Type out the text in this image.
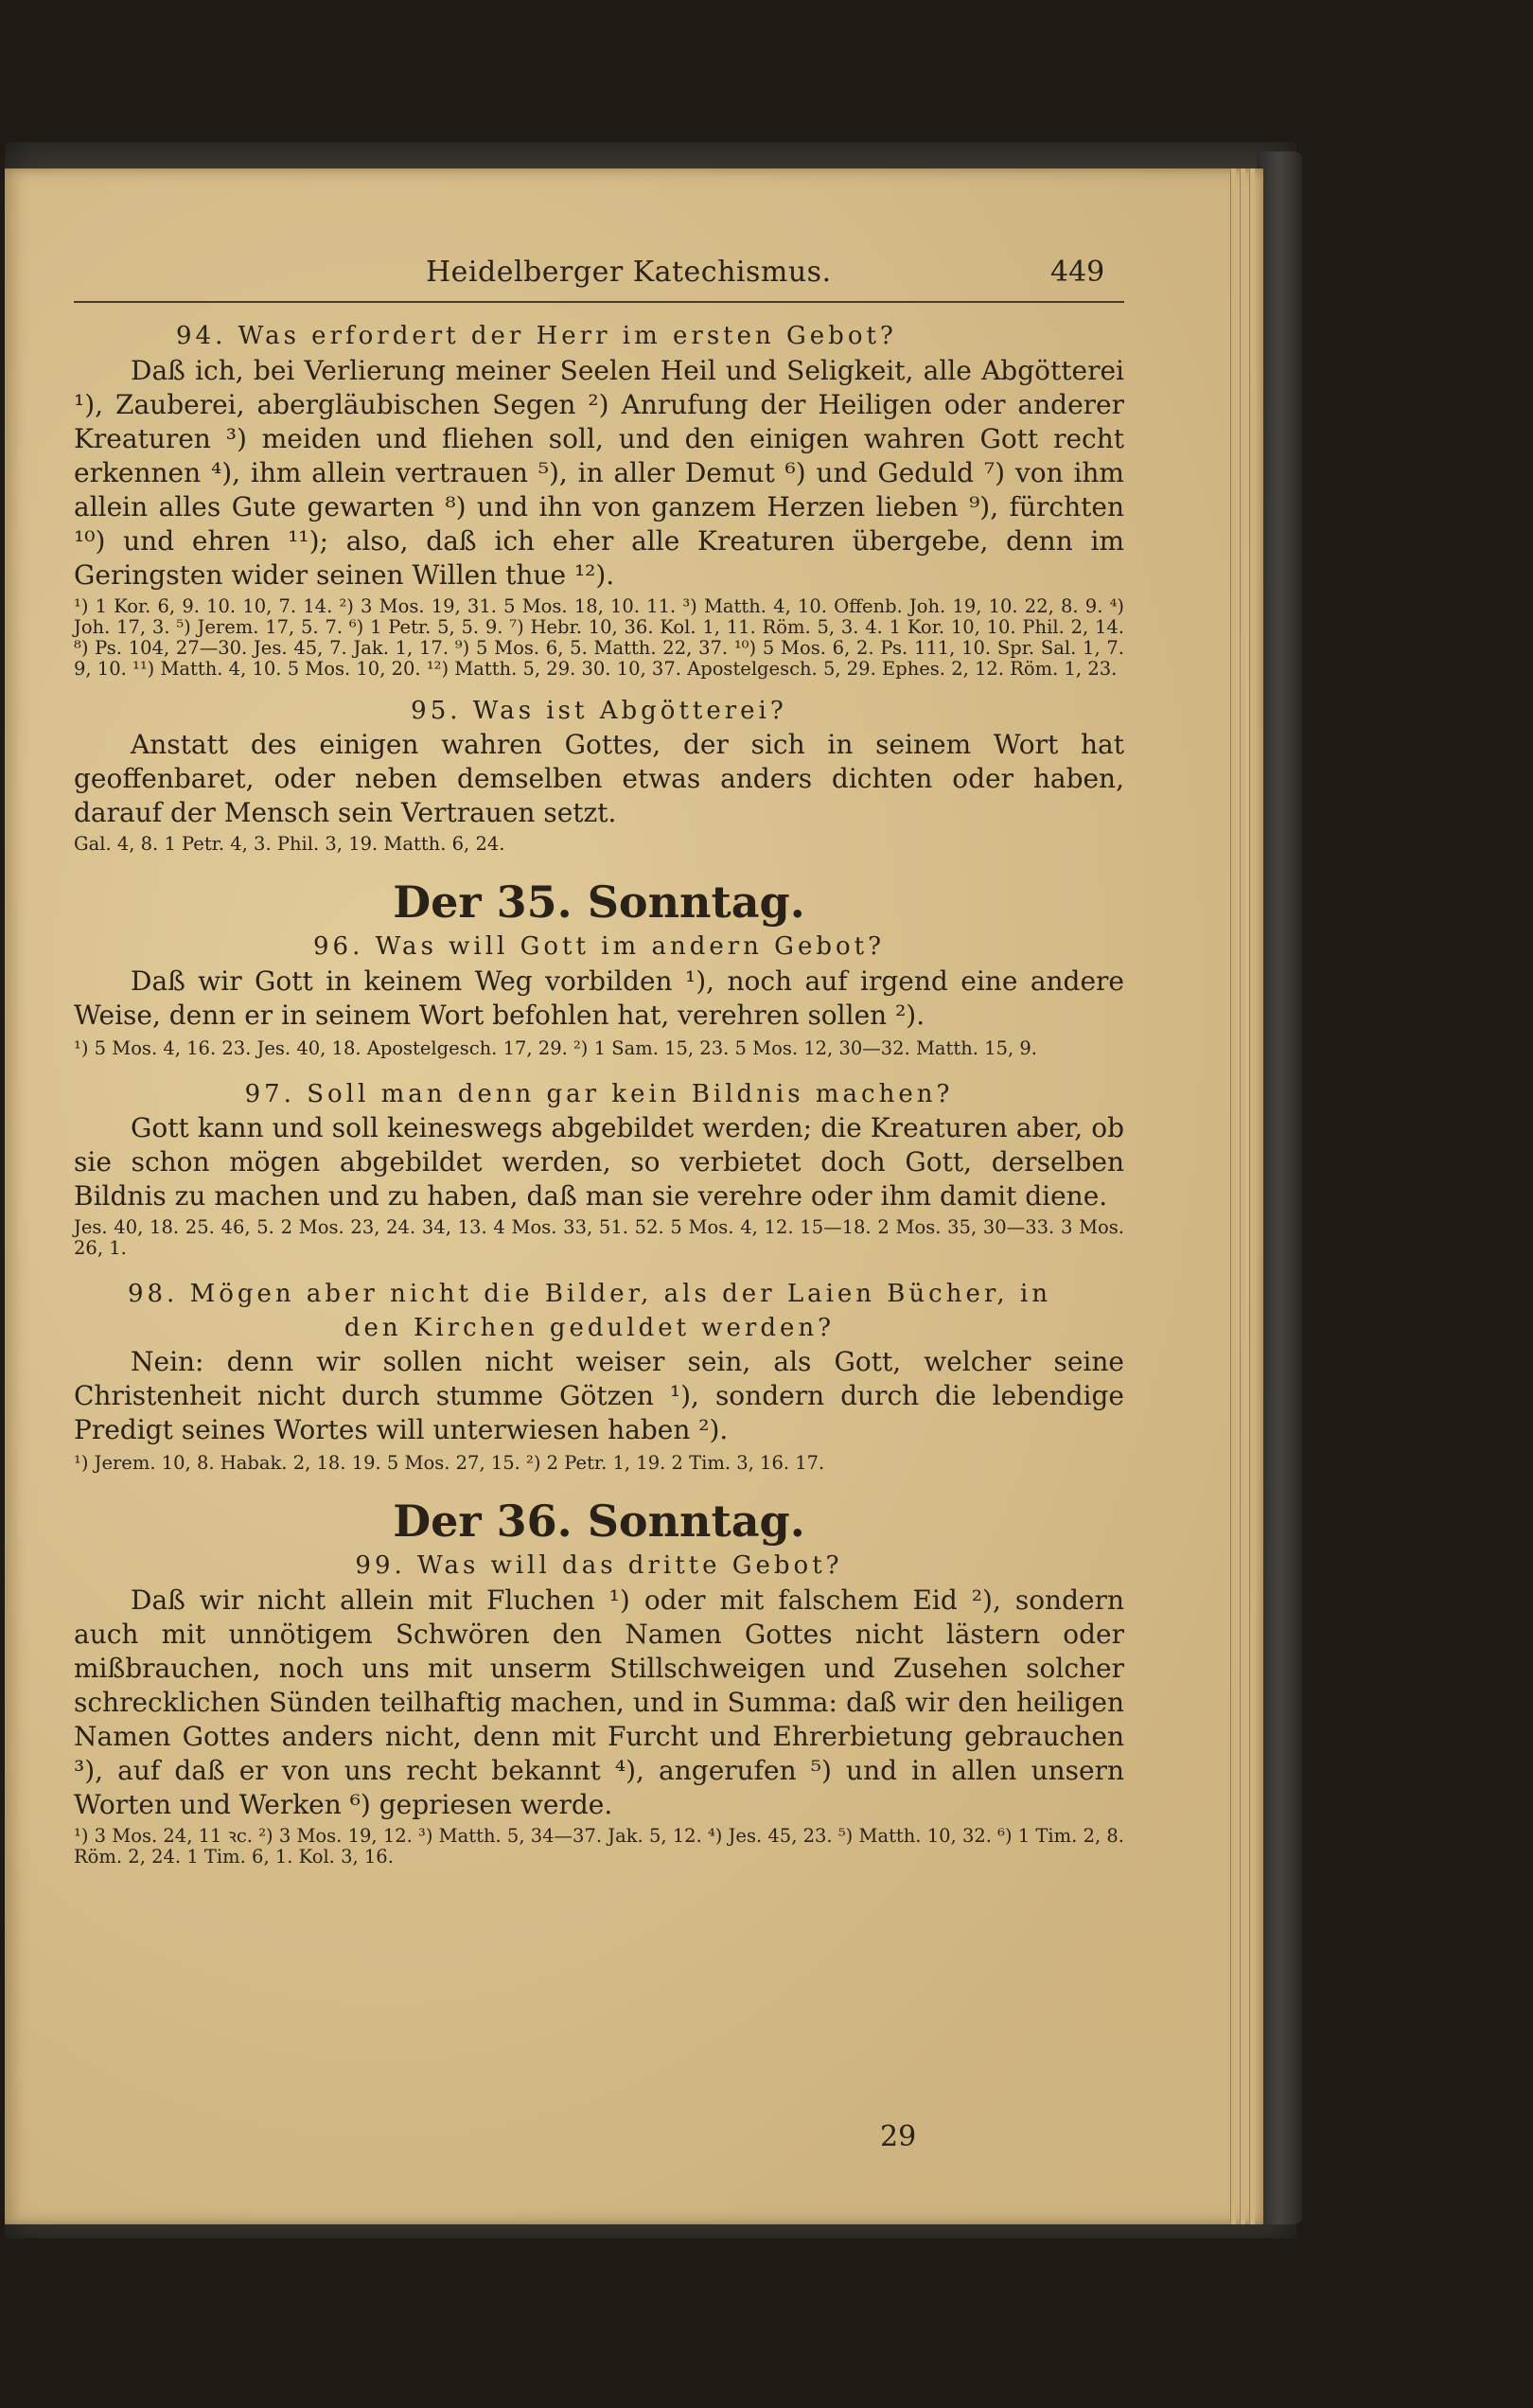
Heidelberger Katechismus.	449
94. Was erfordert der Herr im ersten Gebot?

Daß ich, bei Verlierung meiner Seelen Heil und Seligkeit, alle Abgötterei ¹), Zauberei, abergläubischen Segen ²) Anrufung der Heiligen oder anderer Kreaturen ³) meiden und fliehen soll, und den einigen wahren Gott recht erkennen ⁴), ihm allein vertrauen ⁵), in aller Demut ⁶) und Geduld ⁷) von ihm allein alles Gute gewarten ⁸) und ihn von ganzem Herzen lieben ⁹), fürchten ¹⁰) und ehren ¹¹); also, daß ich eher alle Kreaturen übergebe, denn im Geringsten wider seinen Willen thue ¹²).

¹) 1 Kor. 6, 9. 10. 10, 7. 14. ²) 3 Mos. 19, 31. 5 Mos. 18, 10. 11. ³) Matth. 4, 10. Offenb. Joh. 19, 10. 22, 8. 9. ⁴) Joh. 17, 3. ⁵) Jerem. 17, 5. 7. ⁶) 1 Petr. 5, 5. 9. ⁷) Hebr. 10, 36. Kol. 1, 11. Röm. 5, 3. 4. 1 Kor. 10, 10. Phil. 2, 14. ⁸) Ps. 104, 27—30. Jes. 45, 7. Jak. 1, 17. ⁹) 5 Mos. 6, 5. Matth. 22, 37. ¹⁰) 5 Mos. 6, 2. Ps. 111, 10. Spr. Sal. 1, 7. 9, 10. ¹¹) Matth. 4, 10. 5 Mos. 10, 20. ¹²) Matth. 5, 29. 30. 10, 37. Apostelgesch. 5, 29. Ephes. 2, 12. Röm. 1, 23.
95. Was ist Abgötterei?

Anstatt des einigen wahren Gottes, der sich in seinem Wort hat geoffenbaret, oder neben demselben etwas anders dichten oder haben, darauf der Mensch sein Vertrauen setzt.

Gal. 4, 8. 1 Petr. 4, 3. Phil. 3, 19. Matth. 6, 24.
Der 35. Sonntag.
96. Was will Gott im andern Gebot?

Daß wir Gott in keinem Weg vorbilden ¹), noch auf irgend eine andere Weise, denn er in seinem Wort befohlen hat, verehren sollen ²).

¹) 5 Mos. 4, 16. 23. Jes. 40, 18. Apostelgesch. 17, 29. ²) 1 Sam. 15, 23. 5 Mos. 12, 30—32. Matth. 15, 9.
97. Soll man denn gar kein Bildnis machen?

Gott kann und soll keineswegs abgebildet werden; die Kreaturen aber, ob sie schon mögen abgebildet werden, so verbietet doch Gott, derselben Bildnis zu machen und zu haben, daß man sie verehre oder ihm damit diene.

Jes. 40, 18. 25. 46, 5. 2 Mos. 23, 24. 34, 13. 4 Mos. 33, 51. 52. 5 Mos. 4, 12. 15—18. 2 Mos. 35, 30—33. 3 Mos. 26, 1.
98. Mögen aber nicht die Bilder, als der Laien Bücher, in den Kirchen geduldet werden?

Nein: denn wir sollen nicht weiser sein, als Gott, welcher seine Christenheit nicht durch stumme Götzen ¹), sondern durch die lebendige Predigt seines Wortes will unterwiesen haben ²).

¹) Jerem. 10, 8. Habak. 2, 18. 19. 5 Mos. 27, 15. ²) 2 Petr. 1, 19. 2 Tim. 3, 16. 17.
Der 36. Sonntag.
99. Was will das dritte Gebot?

Daß wir nicht allein mit Fluchen ¹) oder mit falschem Eid ²), sondern auch mit unnötigem Schwören den Namen Gottes nicht lästern oder mißbrauchen, noch uns mit unserm Stillschweigen und Zusehen solcher schrecklichen Sünden teilhaftig machen, und in Summa: daß wir den heiligen Namen Gottes anders nicht, denn mit Furcht und Ehrerbietung gebrauchen ³), auf daß er von uns recht bekannt ⁴), angerufen ⁵) und in allen unsern Worten und Werken ⁶) gepriesen werde.

¹) 3 Mos. 24, 11 ꝛc. ²) 3 Mos. 19, 12. ³) Matth. 5, 34—37. Jak. 5, 12. ⁴) Jes. 45, 23. ⁵) Matth. 10, 32. ⁶) 1 Tim. 2, 8. Röm. 2, 24. 1 Tim. 6, 1. Kol. 3, 16.
29
